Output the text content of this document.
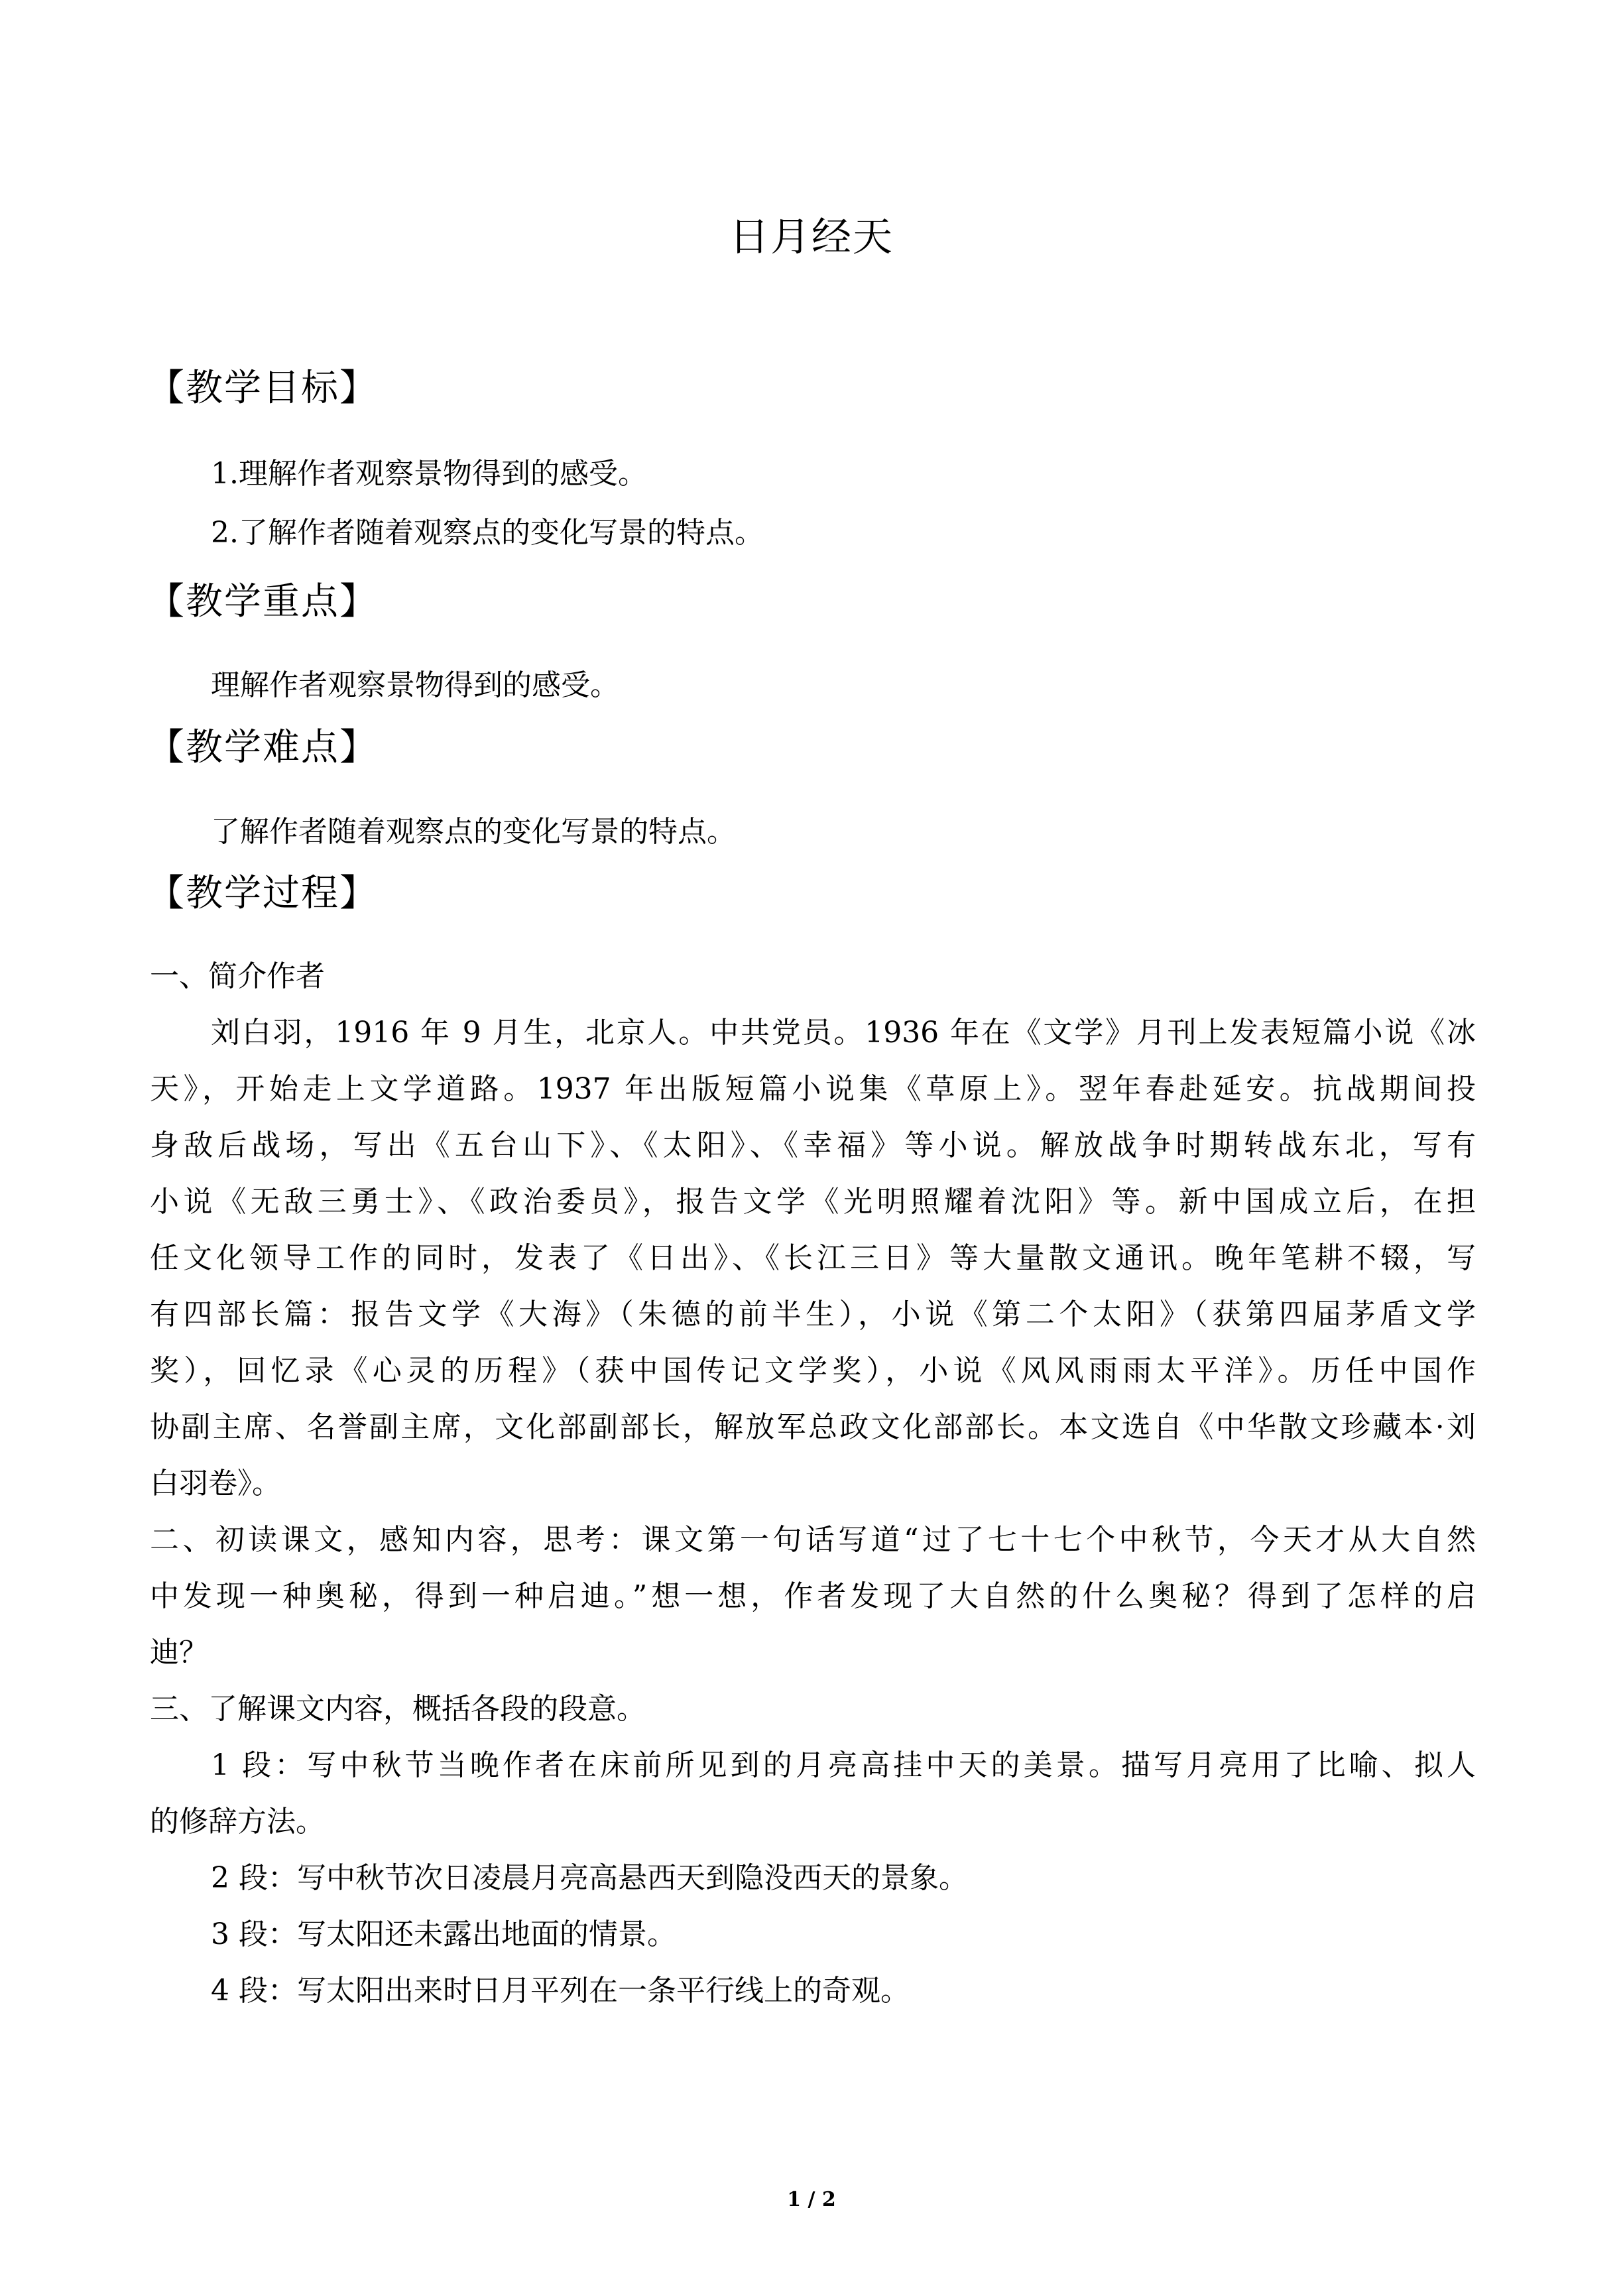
日月经天
【教学目标】
1.理解作者观察景物得到的感受。
2.了解作者随着观察点的变化写景的特点。
【教学重点】
理解作者观察景物得到的感受。
【教学难点】
了解作者随着观察点的变化写景的特点。
【教学过程】
一、简介作者
刘白羽，1916 年 9 月生，北京人。中共党员。1936 年在《文学》月刊上发表短篇小说《冰
天》，开始走上文学道路。1937 年出版短篇小说集《草原上》。翌年春赴延安。抗战期间投
身敌后战场，写出《五台山下》、《太阳》、《幸福》等小说。解放战争时期转战东北，写有
小说《无敌三勇士》、《政治委员》，报告文学《光明照耀着沈阳》等。新中国成立后，在担
任文化领导工作的同时，发表了《日出》、《长江三日》等大量散文通讯。晚年笔耕不辍，写
有四部长篇：报告文学《大海》（朱德的前半生），小说《第二个太阳》（获第四届茅盾文学
奖），回忆录《心灵的历程》（获中国传记文学奖），小说《风风雨雨太平洋》。历任中国作
协副主席、名誉副主席，文化部副部长，解放军总政文化部部长。本文选自《中华散文珍藏本·刘
白羽卷》。
二、初读课文，感知内容，思考：课文第一句话写道“过了七十七个中秋节，今天才从大自然
中发现一种奥秘，得到一种启迪。”想一想，作者发现了大自然的什么奥秘？得到了怎样的启
迪？
三、了解课文内容，概括各段的段意。
1 段：写中秋节当晚作者在床前所见到的月亮高挂中天的美景。描写月亮用了比喻、拟人
的修辞方法。
2 段：写中秋节次日凌晨月亮高悬西天到隐没西天的景象。
3 段：写太阳还未露出地面的情景。
4 段：写太阳出来时日月平列在一条平行线上的奇观。
1 / 2
